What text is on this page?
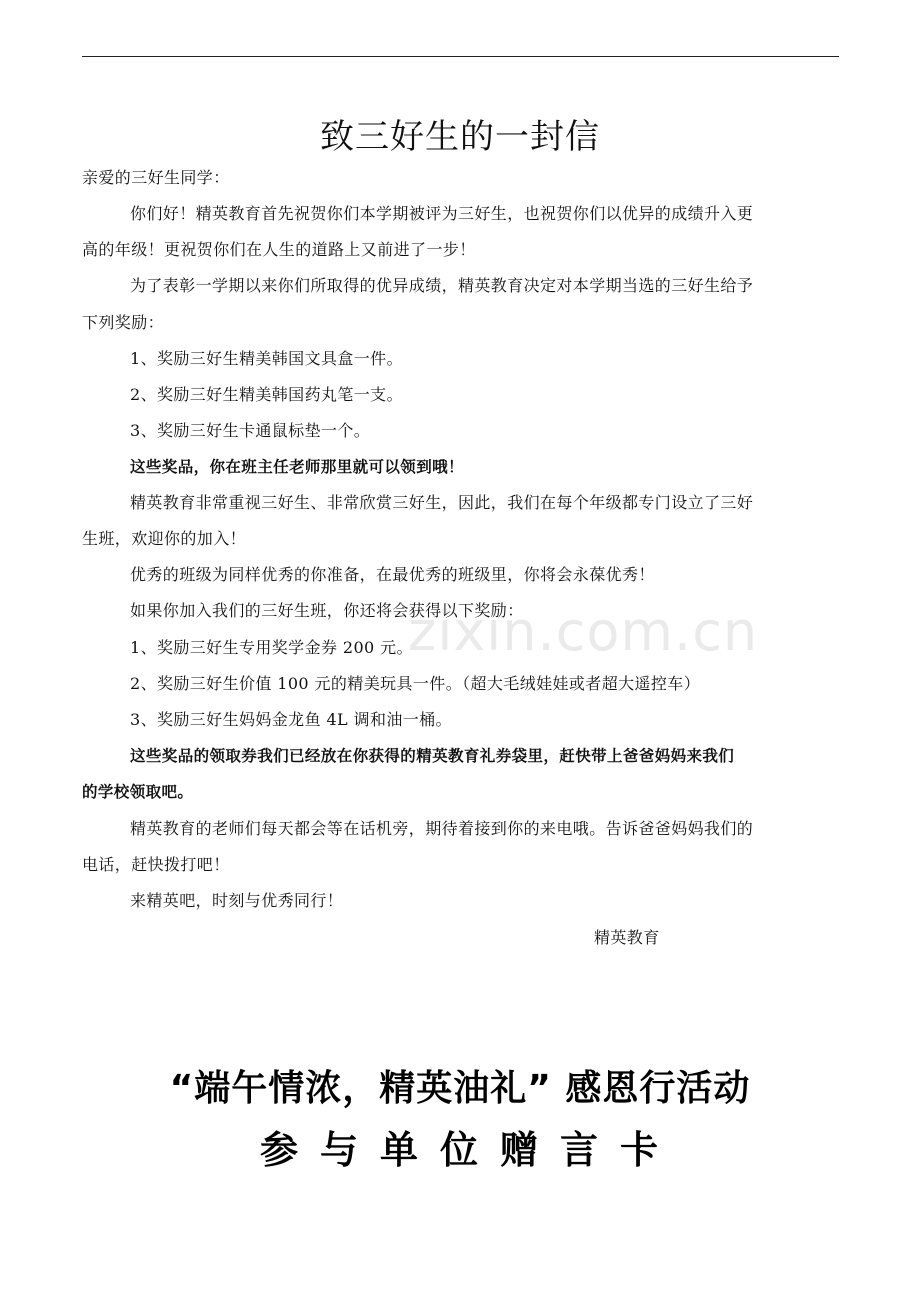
致三好生的一封信
亲爱的三好生同学：
你们好！精英教育首先祝贺你们本学期被评为三好生，也祝贺你们以优异的成绩升入更
高的年级！更祝贺你们在人生的道路上又前进了一步！
为了表彰一学期以来你们所取得的优异成绩，精英教育决定对本学期当选的三好生给予
下列奖励：
1、奖励三好生精美韩国文具盒一件。
2、奖励三好生精美韩国药丸笔一支。
3、奖励三好生卡通鼠标垫一个。
这些奖品，你在班主任老师那里就可以领到哦！
精英教育非常重视三好生、非常欣赏三好生，因此，我们在每个年级都专门设立了三好
生班，欢迎你的加入！
优秀的班级为同样优秀的你准备，在最优秀的班级里，你将会永葆优秀！
如果你加入我们的三好生班，你还将会获得以下奖励：
1、奖励三好生专用奖学金券 200 元。
2、奖励三好生价值 100 元的精美玩具一件。（超大毛绒娃娃或者超大遥控车）
3、奖励三好生妈妈金龙鱼 4L 调和油一桶。
这些奖品的领取券我们已经放在你获得的精英教育礼券袋里，赶快带上爸爸妈妈来我们
的学校领取吧。
精英教育的老师们每天都会等在话机旁，期待着接到你的来电哦。告诉爸爸妈妈我们的
电话，赶快拨打吧！
来精英吧，时刻与优秀同行！
精英教育
zixin.com.cn
“端午情浓，精英油礼” 感恩行活动
参与单位赠言卡
